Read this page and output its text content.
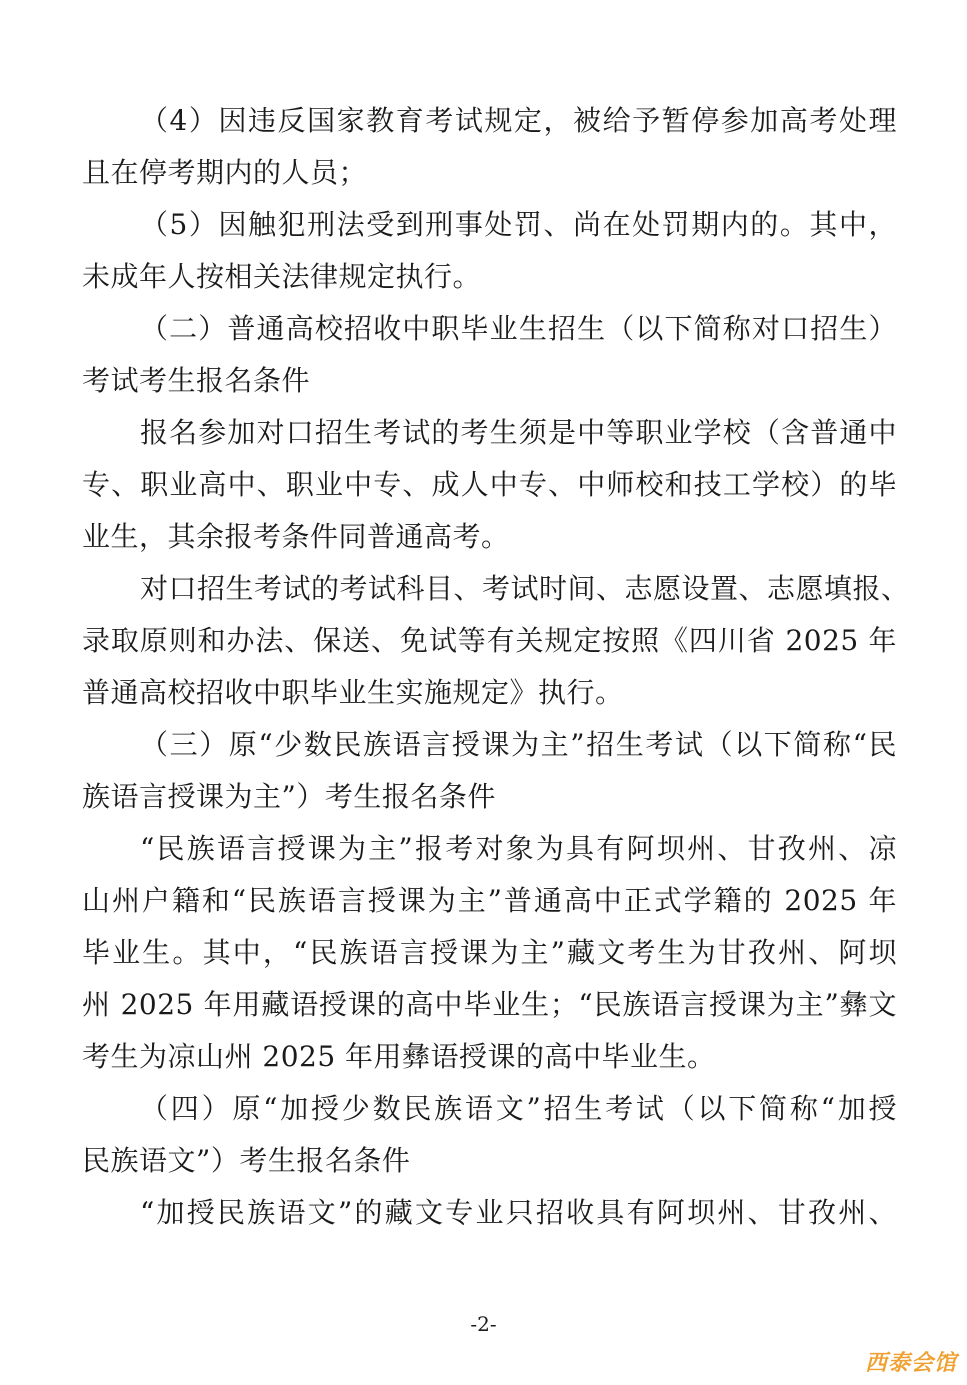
（4）因违反国家教育考试规定，被给予暂停参加高考处理
且在停考期内的人员；
（5）因触犯刑法受到刑事处罚、尚在处罚期内的。其中，
未成年人按相关法律规定执行。
（二）普通高校招收中职毕业生招生（以下简称对口招生）
考试考生报名条件
报名参加对口招生考试的考生须是中等职业学校（含普通中
专、职业高中、职业中专、成人中专、中师校和技工学校）的毕
业生，其余报考条件同普通高考。
对口招生考试的考试科目、考试时间、志愿设置、志愿填报、
录取原则和办法、保送、免试等有关规定按照《四川省 2025 年
普通高校招收中职毕业生实施规定》执行。
（三）原“少数民族语言授课为主”招生考试（以下简称“民
族语言授课为主”）考生报名条件
“民族语言授课为主”报考对象为具有阿坝州、甘孜州、凉
山州户籍和“民族语言授课为主”普通高中正式学籍的 2025 年
毕业生。其中，“民族语言授课为主”藏文考生为甘孜州、阿坝
州 2025 年用藏语授课的高中毕业生；“民族语言授课为主”彝文
考生为凉山州 2025 年用彝语授课的高中毕业生。
（四）原“加授少数民族语文”招生考试（以下简称“加授
民族语文”）考生报名条件
“加授民族语文”的藏文专业只招收具有阿坝州、甘孜州、
-2-
西泰会馆
